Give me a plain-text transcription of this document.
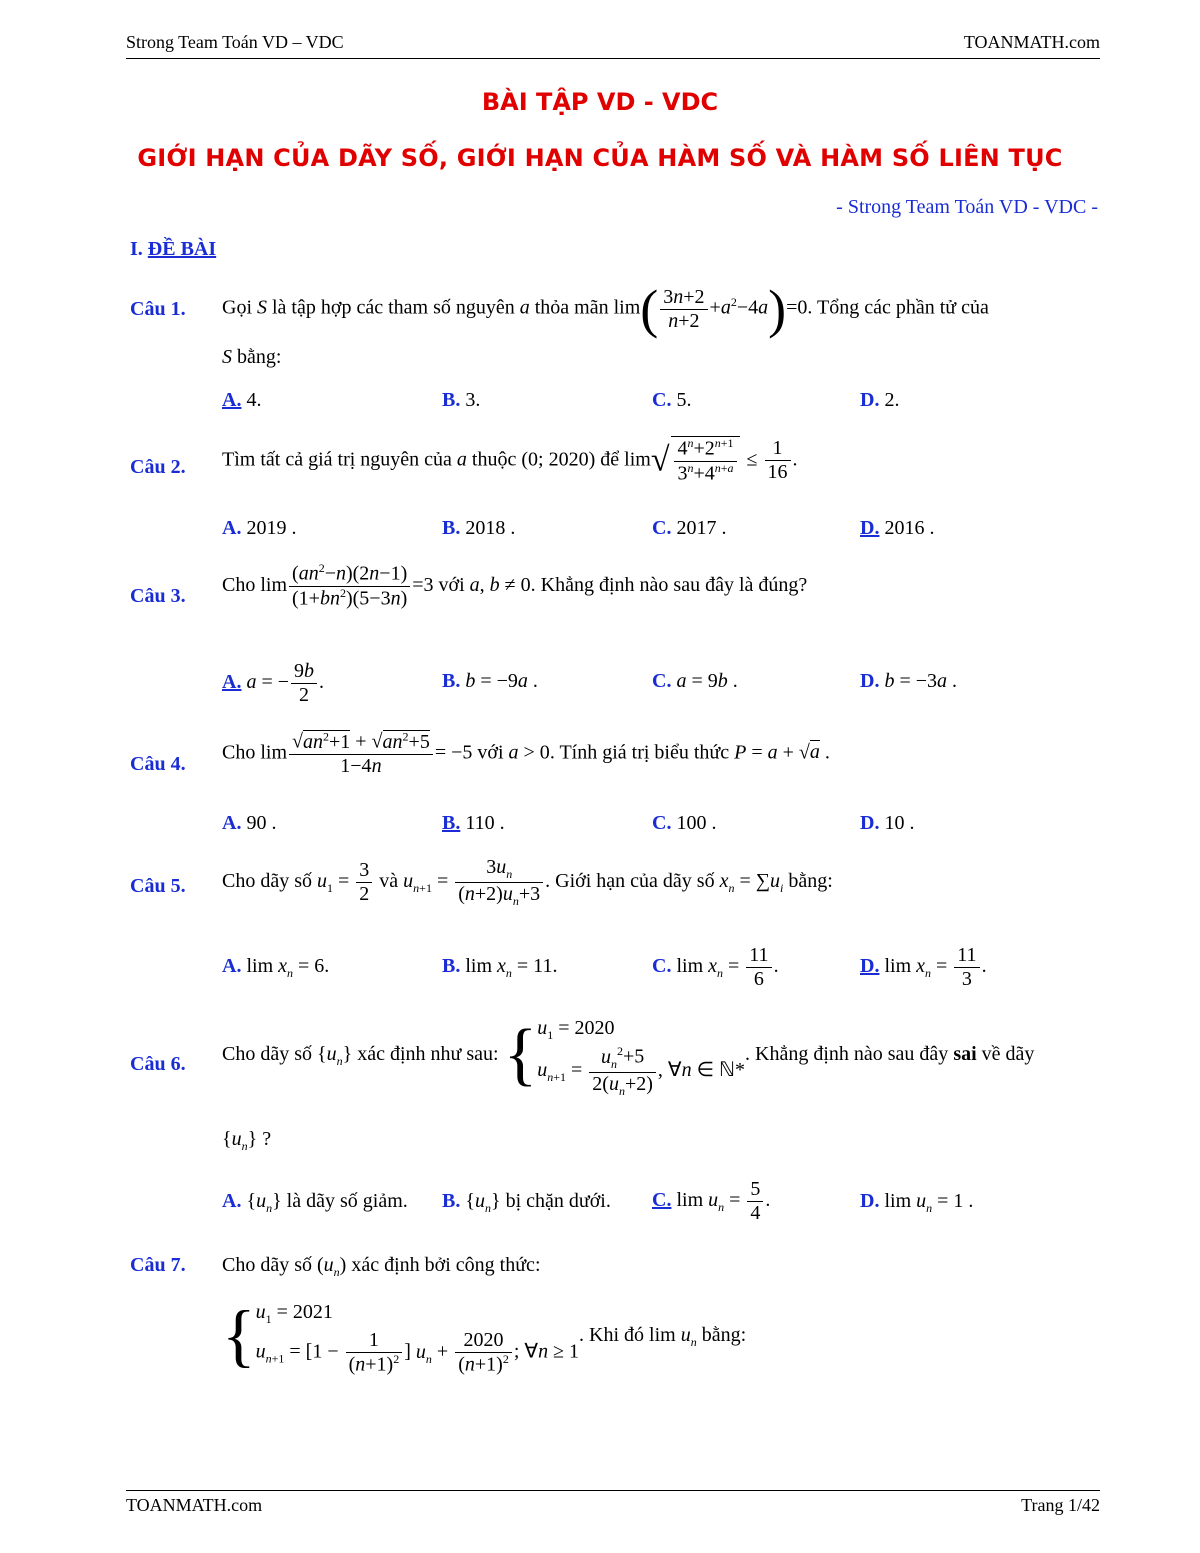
Strong Team Toán VD – VDC	TOANMATH.com
BÀI TẬP VD - VDC
GIỚI HẠN CỦA DÃY SỐ, GIỚI HẠN CỦA HÀM SỐ VÀ HÀM SỐ LIÊN TỤC
- Strong Team Toán VD - VDC -
I. ĐỀ BÀI
Câu 1. Gọi S là tập hợp các tham số nguyên a thỏa mãn $\lim( \frac{3n+2}{n+2} +a^2-4a)=0$. Tổng các phần tử của
S bằng:
A. 4.	B. 3.	C. 5.	D. 2.
Câu 2. Tìm tất cả giá trị nguyên của a thuộc (0; 2020) để $\lim√ \frac{4^n+2^{n+1}}{3^n+4^{n+a}} \le \frac{1}{16}$ .
A. 2019 .	B. 2018 .	C. 2017 .	D. 2016 .
Câu 3.
Cho $\lim \frac{(an^2-n)(2n-1)}{(1+bn^2)(5-3n)} =3$ với a, b ≠ 0. Khẳng định nào sau đây là đúng?
A. a = − $\frac{9b}{2}$ .	B. b = −9a .	C. a = 9b .	D. b = −3a .
Câu 4.
Cho $\lim \frac{√an^2+1 + √an^2+5}{1-4n} = -5$ với a > 0. Tính giá trị biểu thức P = a + √a .
A. 90 .	B. 110 .	C. 100 .	D. 10 .
Câu 5. Cho dãy số $u_1 = \frac{3}{2}$ và $u_{n+1} = \frac{3u_n}{(n+2)u_n+3}$ . Giới hạn của dãy số $x_n = \sum u_i$ bằng:
A. $\lim x_n = 6$.	B. $\lim x_n = 11$.	C. $\lim x_n = \frac{11}{6}$ .	D. $\lim x_n = \frac{11}{3}$ .
Câu 6. Cho dãy số $\{u_n\}$ xác định như sau: { $u_1 = 2020$
$u_{n+1} = \frac{u_n^2+5}{2(u_n+2)}$ , ∀n ∈ ℕ*
. Khẳng định nào sau đây sai về dãy
$\{u_n\}$ ?
A. $\{u_n\}$ là dãy số giảm. B. $\{u_n\}$ bị chặn dưới. C. $\lim u_n = \frac{5}{4}$ .	D. $\lim u_n = 1$ .
Câu 7. Cho dãy số $(u_n)$ xác định bởi công thức:
{ $u_1 = 2021$
$u_{n+1} = [1 - \frac{1}{(n+1)^2}$ ] $u_n + \frac{2020}{(n+1)^2}$ ; ∀n ≥ 1
. Khi đó $\lim u_n$ bằng:
TOANMATH.com	Trang 1/42
